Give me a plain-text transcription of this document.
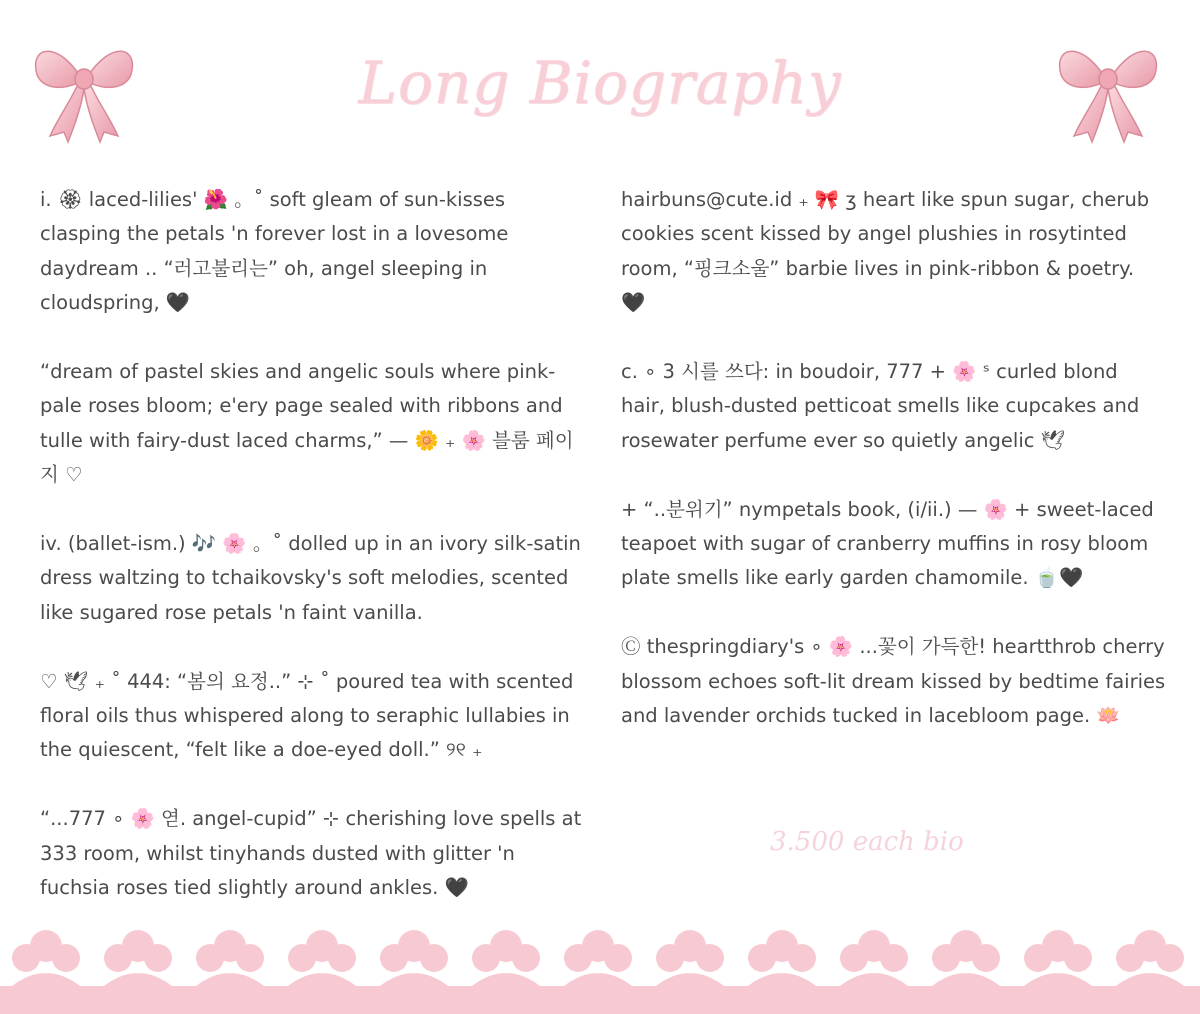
Long Biography

i. 🏵 laced-lilies' 🌺 。˚ soft gleam of sun-kisses clasping the petals 'n forever lost in a lovesome daydream .. “러고불리는” oh, angel sleeping in cloudspring, 🖤

“dream of pastel skies and angelic souls where pink-pale roses bloom; e'ery page sealed with ribbons and tulle with fairy-dust laced charms,” — 🌼 ₊ 🌸 블룸 페이지 ♡

iv. (ballet-ism.) 🎶 🌸 。˚ dolled up in an ivory silk-satin dress waltzing to tchaikovsky's soft melodies, scented like sugared rose petals 'n faint vanilla.

♡ 🕊 ₊ ˚ 444: “봄의 요정..” ⊹ ˚ poured tea with scented floral oils thus whispered along to seraphic lullabies in the quiescent, “felt like a doe-eyed doll.” ୨୧ ₊

“...777 ∘ 🌸 엳. angel-cupid” ⊹ cherishing love spells at 333 room, whilst tinyhands dusted with glitter 'n fuchsia roses tied slightly around ankles. 🖤

hairbuns@cute.id ₊ 🎀 ʒ heart like spun sugar, cherub cookies scent kissed by angel plushies in rosytinted room, “핑크소울” barbie lives in pink-ribbon & poetry.
🖤

c. ∘ 3 시를 쓰다: in boudoir, 777 + 🌸 ˢ curled blond hair, blush-dusted petticoat smells like cupcakes and rosewater perfume ever so quietly angelic 🕊

+ “..분위기” nympetals book, (i/ii.) — 🌸 + sweet-laced teapoet with sugar of cranberry muffins in rosy bloom plate smells like early garden chamomile. 🍵🖤

Ⓒ thespringdiary's ∘ 🌸 ...꽃이 가득한! heartthrob cherry blossom echoes soft-lit dream kissed by bedtime fairies and lavender orchids tucked in lacebloom page. 🪷

3.500 each bio
